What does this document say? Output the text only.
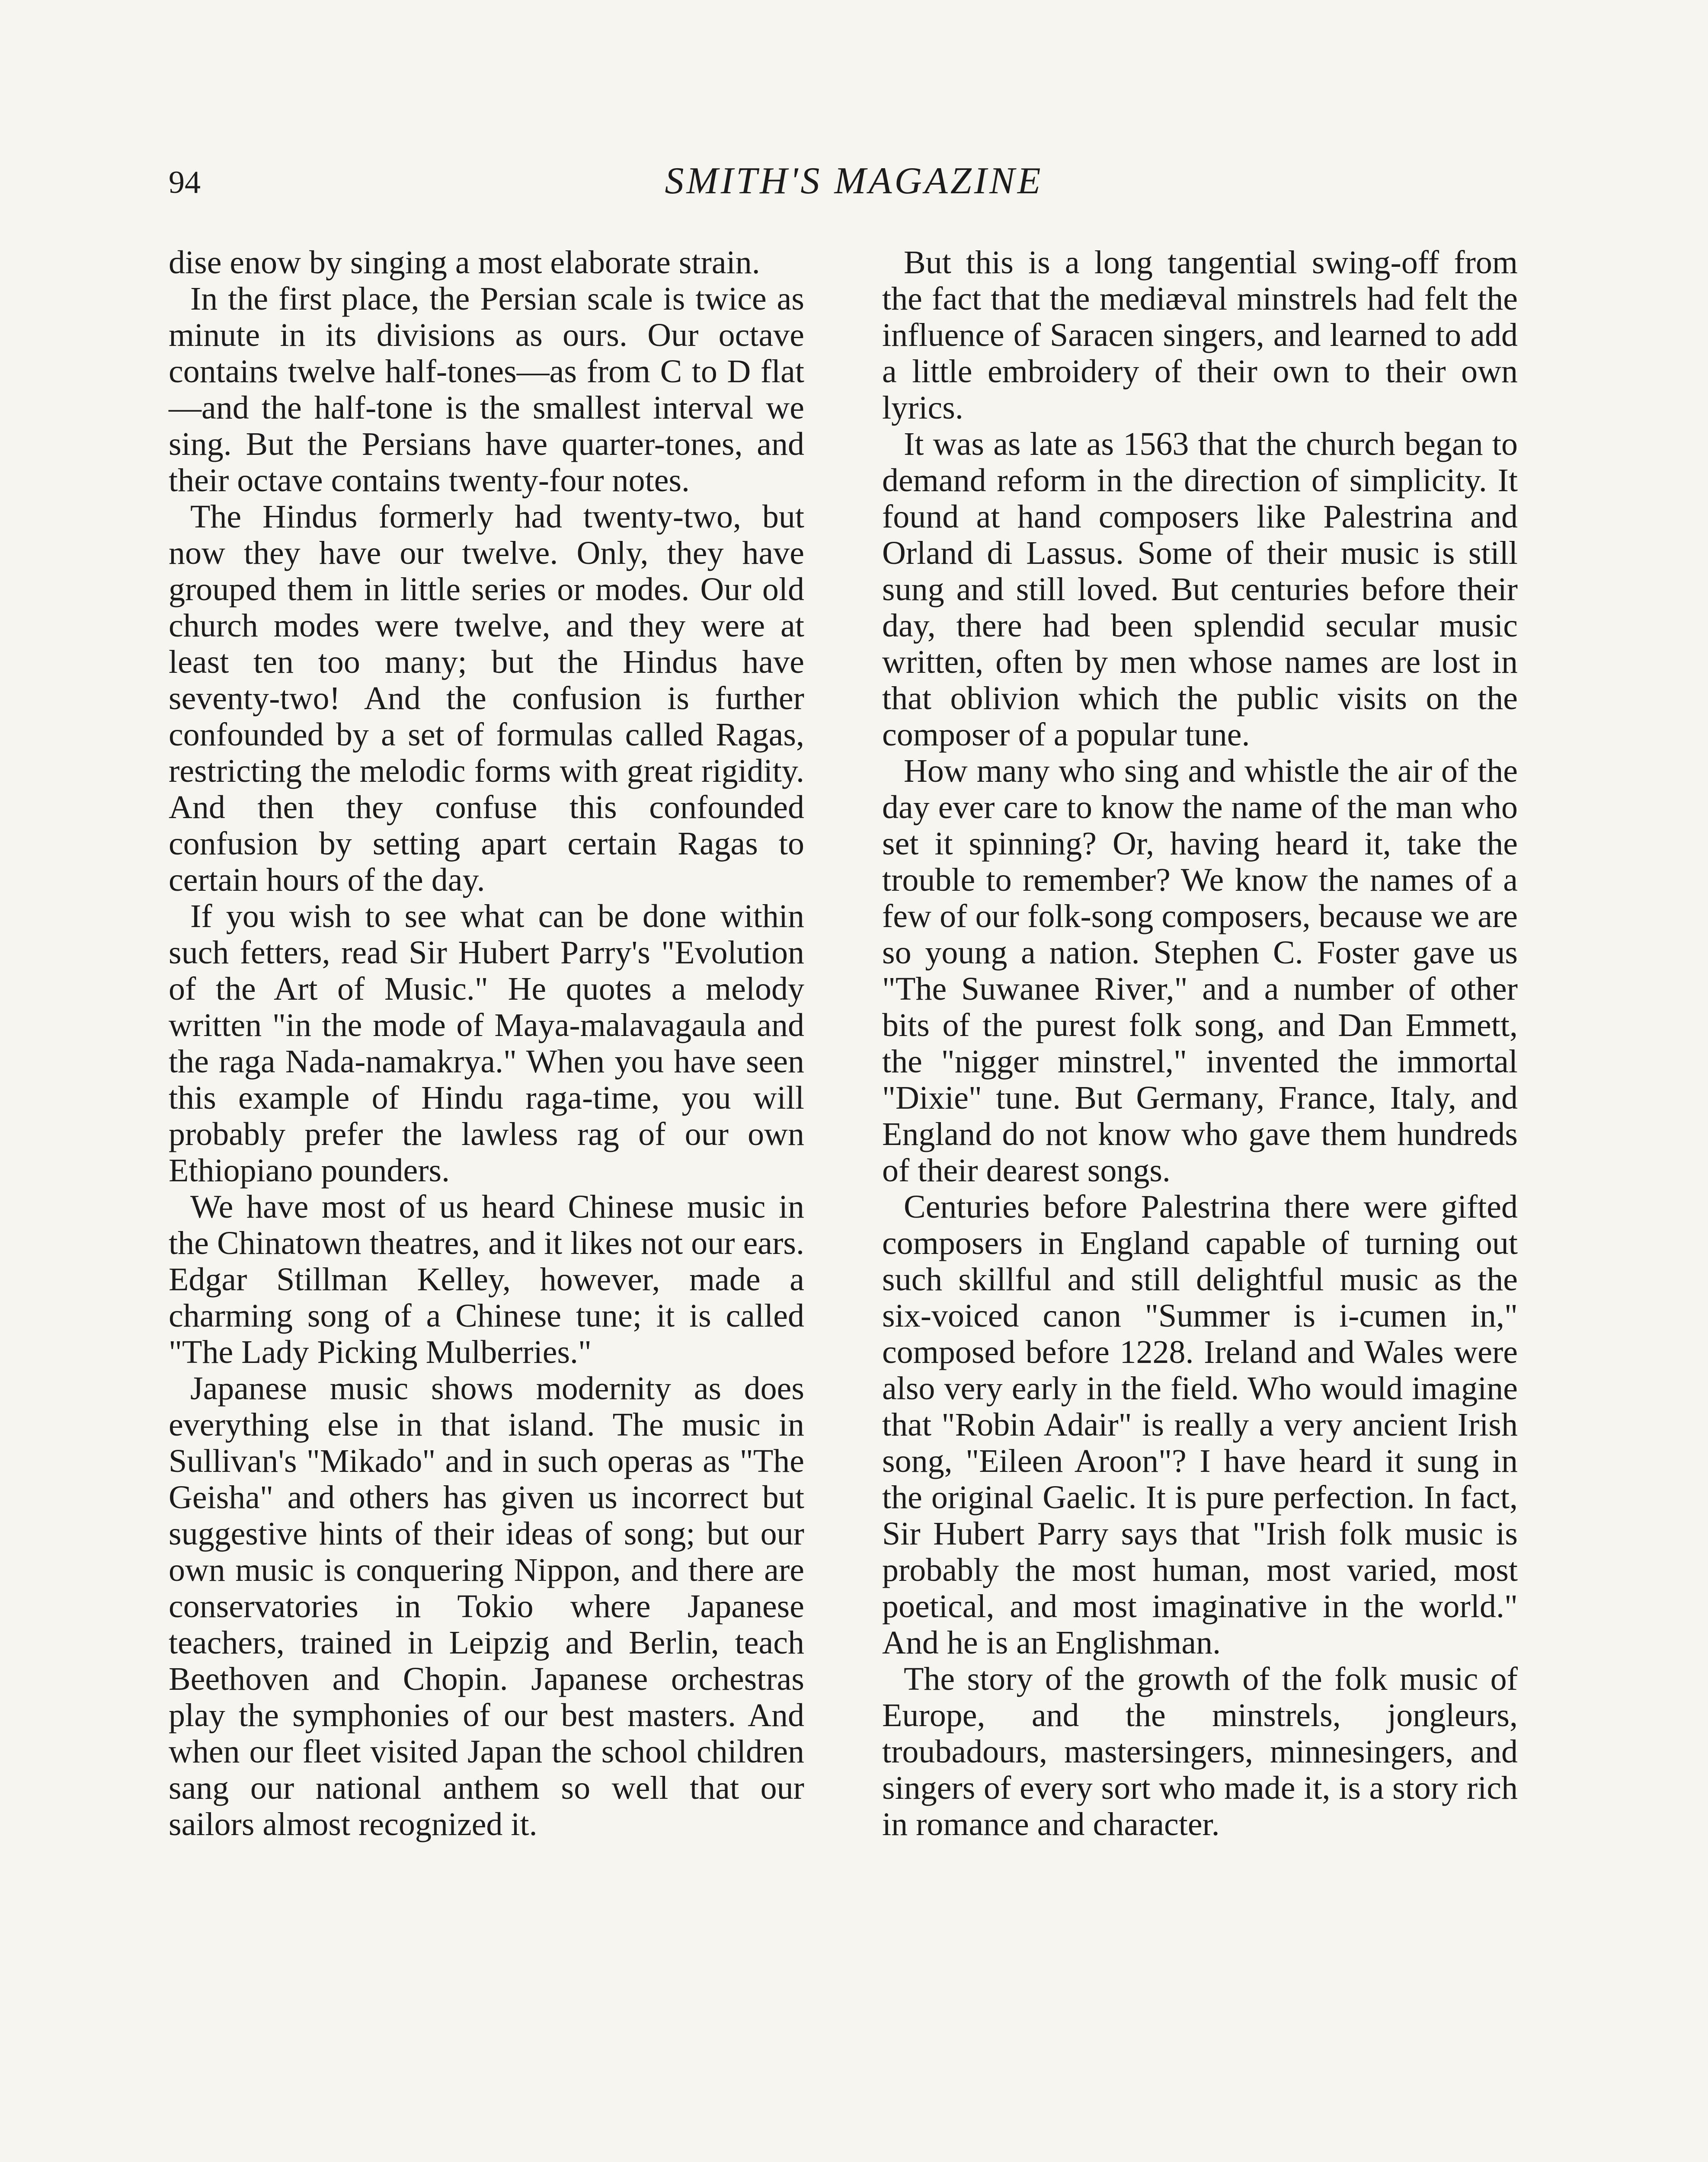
94	SMITH'S MAGAZINE

dise enow by singing a most elaborate strain.

In the first place, the Persian scale is twice as minute in its divisions as ours. Our octave contains twelve half-tones—as from C to D flat—and the half-tone is the smallest interval we sing. But the Persians have quarter-tones, and their octave contains twenty-four notes.

The Hindus formerly had twenty-two, but now they have our twelve. Only, they have grouped them in little series or modes. Our old church modes were twelve, and they were at least ten too many; but the Hindus have seventy-two! And the confusion is further confounded by a set of formulas called Ragas, restricting the melodic forms with great rigidity. And then they confuse this confounded confusion by setting apart certain Ragas to certain hours of the day.

If you wish to see what can be done within such fetters, read Sir Hubert Parry's "Evolution of the Art of Music." He quotes a melody written "in the mode of Maya-malavagaula and the raga Nada-namakrya." When you have seen this example of Hindu raga-time, you will probably prefer the lawless rag of our own Ethiopiano pounders.

We have most of us heard Chinese music in the Chinatown theatres, and it likes not our ears. Edgar Stillman Kelley, however, made a charming song of a Chinese tune; it is called "The Lady Picking Mulberries."

Japanese music shows modernity as does everything else in that island. The music in Sullivan's "Mikado" and in such operas as "The Geisha" and others has given us incorrect but suggestive hints of their ideas of song; but our own music is conquering Nippon, and there are conservatories in Tokio where Japanese teachers, trained in Leipzig and Berlin, teach Beethoven and Chopin. Japanese orchestras play the symphonies of our best masters. And when our fleet visited Japan the school children sang our national anthem so well that our sailors almost recognized it.

But this is a long tangential swing-off from the fact that the mediæval minstrels had felt the influence of Saracen singers, and learned to add a little embroidery of their own to their own lyrics.

It was as late as 1563 that the church began to demand reform in the direction of simplicity. It found at hand composers like Palestrina and Orland di Lassus. Some of their music is still sung and still loved. But centuries before their day, there had been splendid secular music written, often by men whose names are lost in that oblivion which the public visits on the composer of a popular tune.

How many who sing and whistle the air of the day ever care to know the name of the man who set it spinning? Or, having heard it, take the trouble to remember? We know the names of a few of our folk-song composers, because we are so young a nation. Stephen C. Foster gave us "The Suwanee River," and a number of other bits of the purest folk song, and Dan Emmett, the "nigger minstrel," invented the immortal "Dixie" tune. But Germany, France, Italy, and England do not know who gave them hundreds of their dearest songs.

Centuries before Palestrina there were gifted composers in England capable of turning out such skillful and still delightful music as the six-voiced canon "Summer is i-cumen in," composed before 1228. Ireland and Wales were also very early in the field. Who would imagine that "Robin Adair" is really a very ancient Irish song, "Eileen Aroon"? I have heard it sung in the original Gaelic. It is pure perfection. In fact, Sir Hubert Parry says that "Irish folk music is probably the most human, most varied, most poetical, and most imaginative in the world." And he is an Englishman.

The story of the growth of the folk music of Europe, and the minstrels, jongleurs, troubadours, mastersingers, minnesingers, and singers of every sort who made it, is a story rich in romance and character.
